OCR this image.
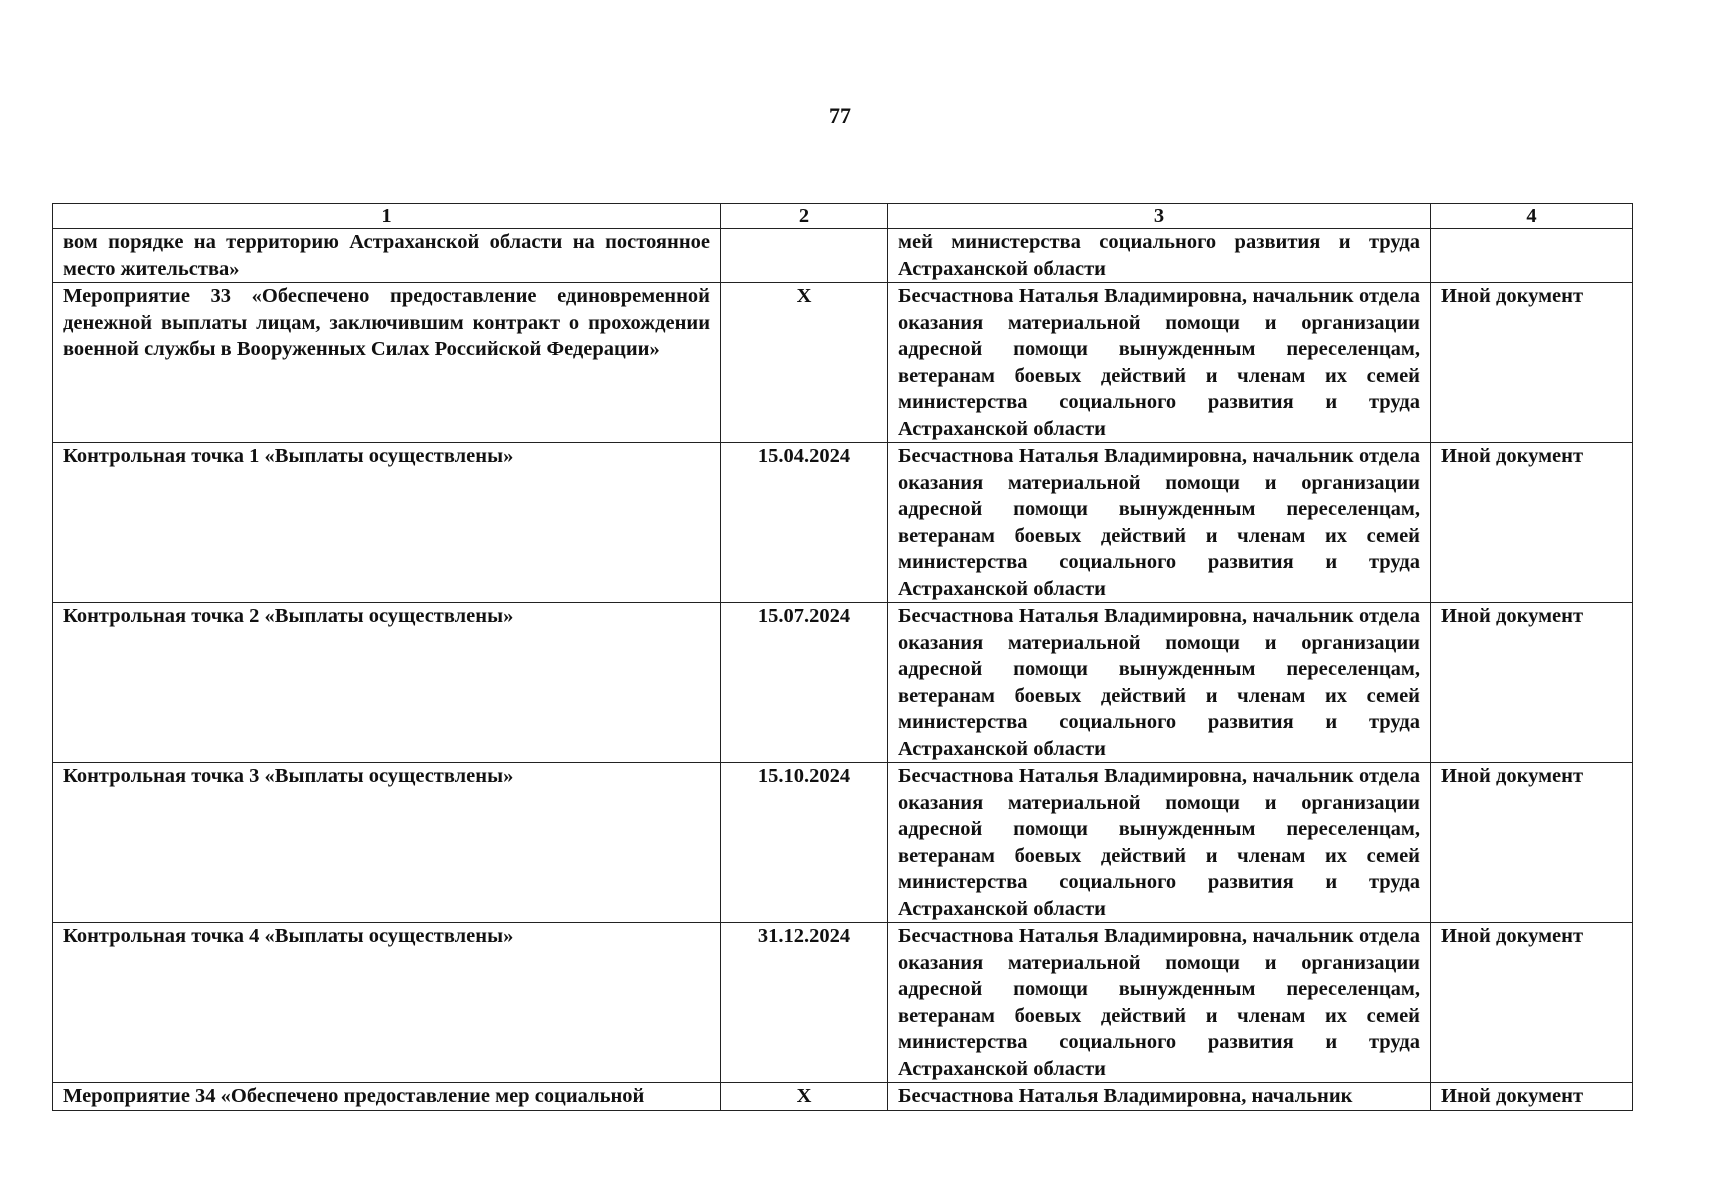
77
1	2	3	4
вом порядке на территорию Астраханской области на постоянное место жительства»		мей министерства социального развития и труда Астраханской области	
Мероприятие 33 «Обеспечено предоставление единовременной денежной выплаты лицам, заключившим контракт о прохождении военной службы в Вооруженных Силах Российской Федерации»	Х	Бесчастнова Наталья Владимировна, начальник отдела оказания материальной помощи и организации адресной помощи вынужденным переселенцам, ветеранам боевых действий и членам их семей министерства социального развития и труда Астраханской области	Иной документ
Контрольная точка 1 «Выплаты осуществлены»	15.04.2024	Бесчастнова Наталья Владимировна, начальник отдела оказания материальной помощи и организации адресной помощи вынужденным переселенцам, ветеранам боевых действий и членам их семей министерства социального развития и труда Астраханской области	Иной документ
Контрольная точка 2 «Выплаты осуществлены»	15.07.2024	Бесчастнова Наталья Владимировна, начальник отдела оказания материальной помощи и организации адресной помощи вынужденным переселенцам, ветеранам боевых действий и членам их семей министерства социального развития и труда Астраханской области	Иной документ
Контрольная точка 3 «Выплаты осуществлены»	15.10.2024	Бесчастнова Наталья Владимировна, начальник отдела оказания материальной помощи и организации адресной помощи вынужденным переселенцам, ветеранам боевых действий и членам их семей министерства социального развития и труда Астраханской области	Иной документ
Контрольная точка 4 «Выплаты осуществлены»	31.12.2024	Бесчастнова Наталья Владимировна, начальник отдела оказания материальной помощи и организации адресной помощи вынужденным переселенцам, ветеранам боевых действий и членам их семей министерства социального развития и труда Астраханской области	Иной документ
Мероприятие 34 «Обеспечено предоставление мер социальной	Х	Бесчастнова Наталья Владимировна, начальник	Иной документ
